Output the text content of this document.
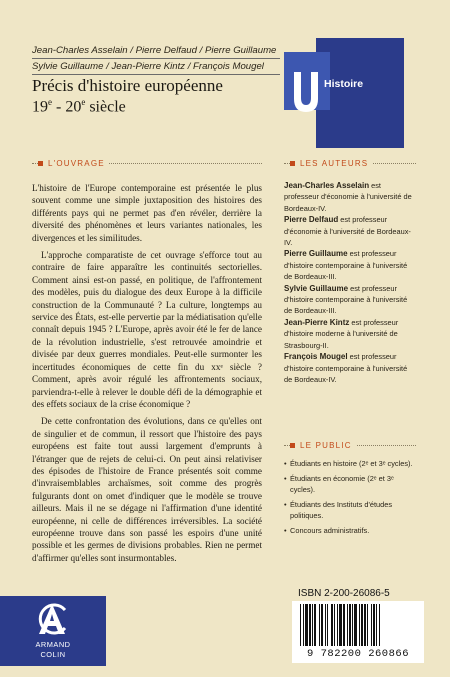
Jean-Charles Asselain / Pierre Delfaud / Pierre Guillaume
Sylvie Guillaume / Jean-Pierre Kintz / François Mougel
Précis d'histoire européenne
19e - 20e siècle
Histoire
L'OUVRAGE

L'histoire de l'Europe contemporaine est présentée le plus souvent comme une simple juxtaposition des histoires des différents pays qui ne permet pas d'en révéler, derrière la diversité des phénomènes et leurs variantes nationales, les divergences et les similitudes.

L'approche comparatiste de cet ouvrage s'efforce tout au contraire de faire apparaître les continuités sectorielles. Comment ainsi est-on passé, en politique, de l'affrontement des modèles, puis du dialogue des deux Europe à la difficile construction de la Communauté ? La culture, longtemps au service des États, est-elle pervertie par la médiatisation qu'elle connaît depuis 1945 ? L'Europe, après avoir été le fer de lance de la révolution industrielle, s'est retrouvée amoindrie et divisée par deux guerres mondiales. Peut-elle surmonter les incertitudes économiques de cette fin du xxᵉ siècle ? Comment, après avoir régulé les affrontements sociaux, parviendra-t-elle à relever le double défi de la démographie et des effets sociaux de la crise économique ?

De cette confrontation des évolutions, dans ce qu'elles ont de singulier et de commun, il ressort que l'histoire des pays européens est faite tout aussi largement d'emprunts à l'étranger que de rejets de celui-ci. On peut ainsi relativiser des épisodes de l'histoire de France présentés soit comme d'invraisemblables archaïsmes, soit comme des progrès fulgurants dont on omet d'indiquer que le modèle se trouve ailleurs. Mais il ne se dégage ni l'affirmation d'une identité européenne, ni celle de différences irréversibles. La société européenne trouve dans son passé les espoirs d'une unité possible et les germes de divisions probables. Rien ne permet d'affirmer qu'elles sont insurmontables.

LES AUTEURS
Jean-Charles Asselain est professeur d'économie à l'université de Bordeaux-IV.
Pierre Delfaud est professeur d'économie à l'université de Bordeaux-IV.
Pierre Guillaume est professeur d'histoire contemporaine à l'université de Bordeaux-III.
Sylvie Guillaume est professeur d'histoire contemporaine à l'université de Bordeaux-III.
Jean-Pierre Kintz est professeur d'histoire moderne à l'université de Strasbourg-II.
François Mougel est professeur d'histoire contemporaine à l'université de Bordeaux-IV.
LE PUBLIC
• Étudiants en histoire (2ᵉ et 3ᵉ cycles).
• Étudiants en économie (2ᵉ et 3ᵉ cycles).
• Étudiants des Instituts d'études politiques.
• Concours administratifs.
ARMAND
COLIN
ISBN 2-200-26086-5
9 782200 260866
